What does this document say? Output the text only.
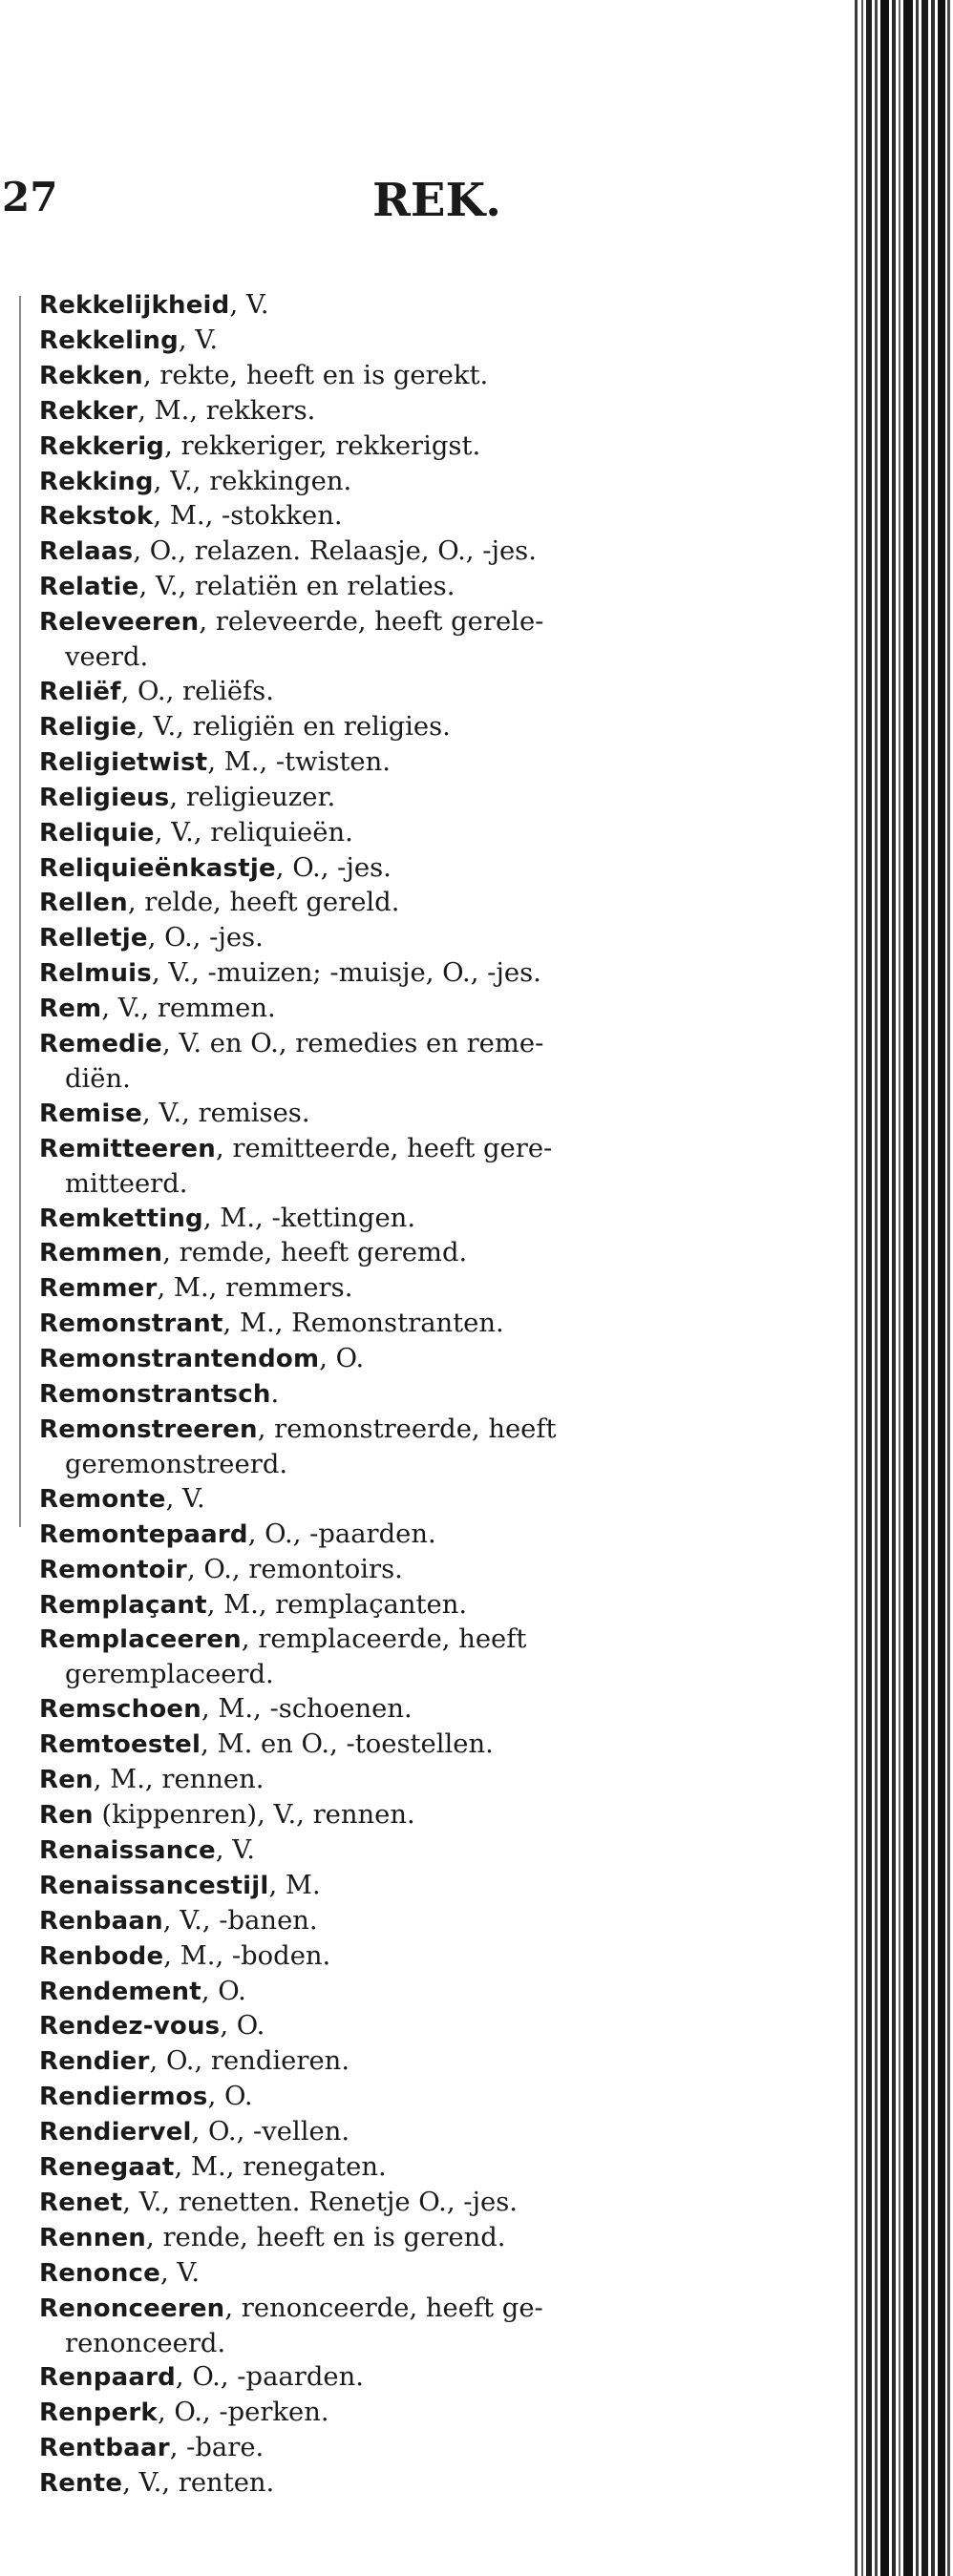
27	REK.
Rekkelijkheid, V.
Rekkeling, V.
Rekken, rekte, heeft en is gerekt.
Rekker, M., rekkers.
Rekkerig, rekkeriger, rekkerigst.
Rekking, V., rekkingen.
Rekstok, M., -stokken.
Relaas, O., relazen. Relaasje, O., -jes.
Relatie, V., relatiën en relaties.
Releveeren, releveerde, heeft gerele-
veerd.
Reliëf, O., reliëfs.
Religie, V., religiën en religies.
Religietwist, M., -twisten.
Religieus, religieuzer.
Reliquie, V., reliquieën.
Reliquieënkastje, O., -jes.
Rellen, relde, heeft gereld.
Relletje, O., -jes.
Relmuis, V., -muizen; -muisje, O., -jes.
Rem, V., remmen.
Remedie, V. en O., remedies en reme-
diën.
Remise, V., remises.
Remitteeren, remitteerde, heeft gere-
mitteerd.
Remketting, M., -kettingen.
Remmen, remde, heeft geremd.
Remmer, M., remmers.
Remonstrant, M., Remonstranten.
Remonstrantendom, O.
Remonstrantsch.
Remonstreeren, remonstreerde, heeft
geremonstreerd.
Remonte, V.
Remontepaard, O., -paarden.
Remontoir, O., remontoirs.
Remplaçant, M., remplaçanten.
Remplaceeren, remplaceerde, heeft
geremplaceerd.
Remschoen, M., -schoenen.
Remtoestel, M. en O., -toestellen.
Ren, M., rennen.
Ren (kippenren), V., rennen.
Renaissance, V.
Renaissancestijl, M.
Renbaan, V., -banen.
Renbode, M., -boden.
Rendement, O.
Rendez-vous, O.
Rendier, O., rendieren.
Rendiermos, O.
Rendiervel, O., -vellen.
Renegaat, M., renegaten.
Renet, V., renetten. Renetje O., -jes.
Rennen, rende, heeft en is gerend.
Renonce, V.
Renonceeren, renonceerde, heeft ge-
renonceerd.
Renpaard, O., -paarden.
Renperk, O., -perken.
Rentbaar, -bare.
Rente, V., renten.
